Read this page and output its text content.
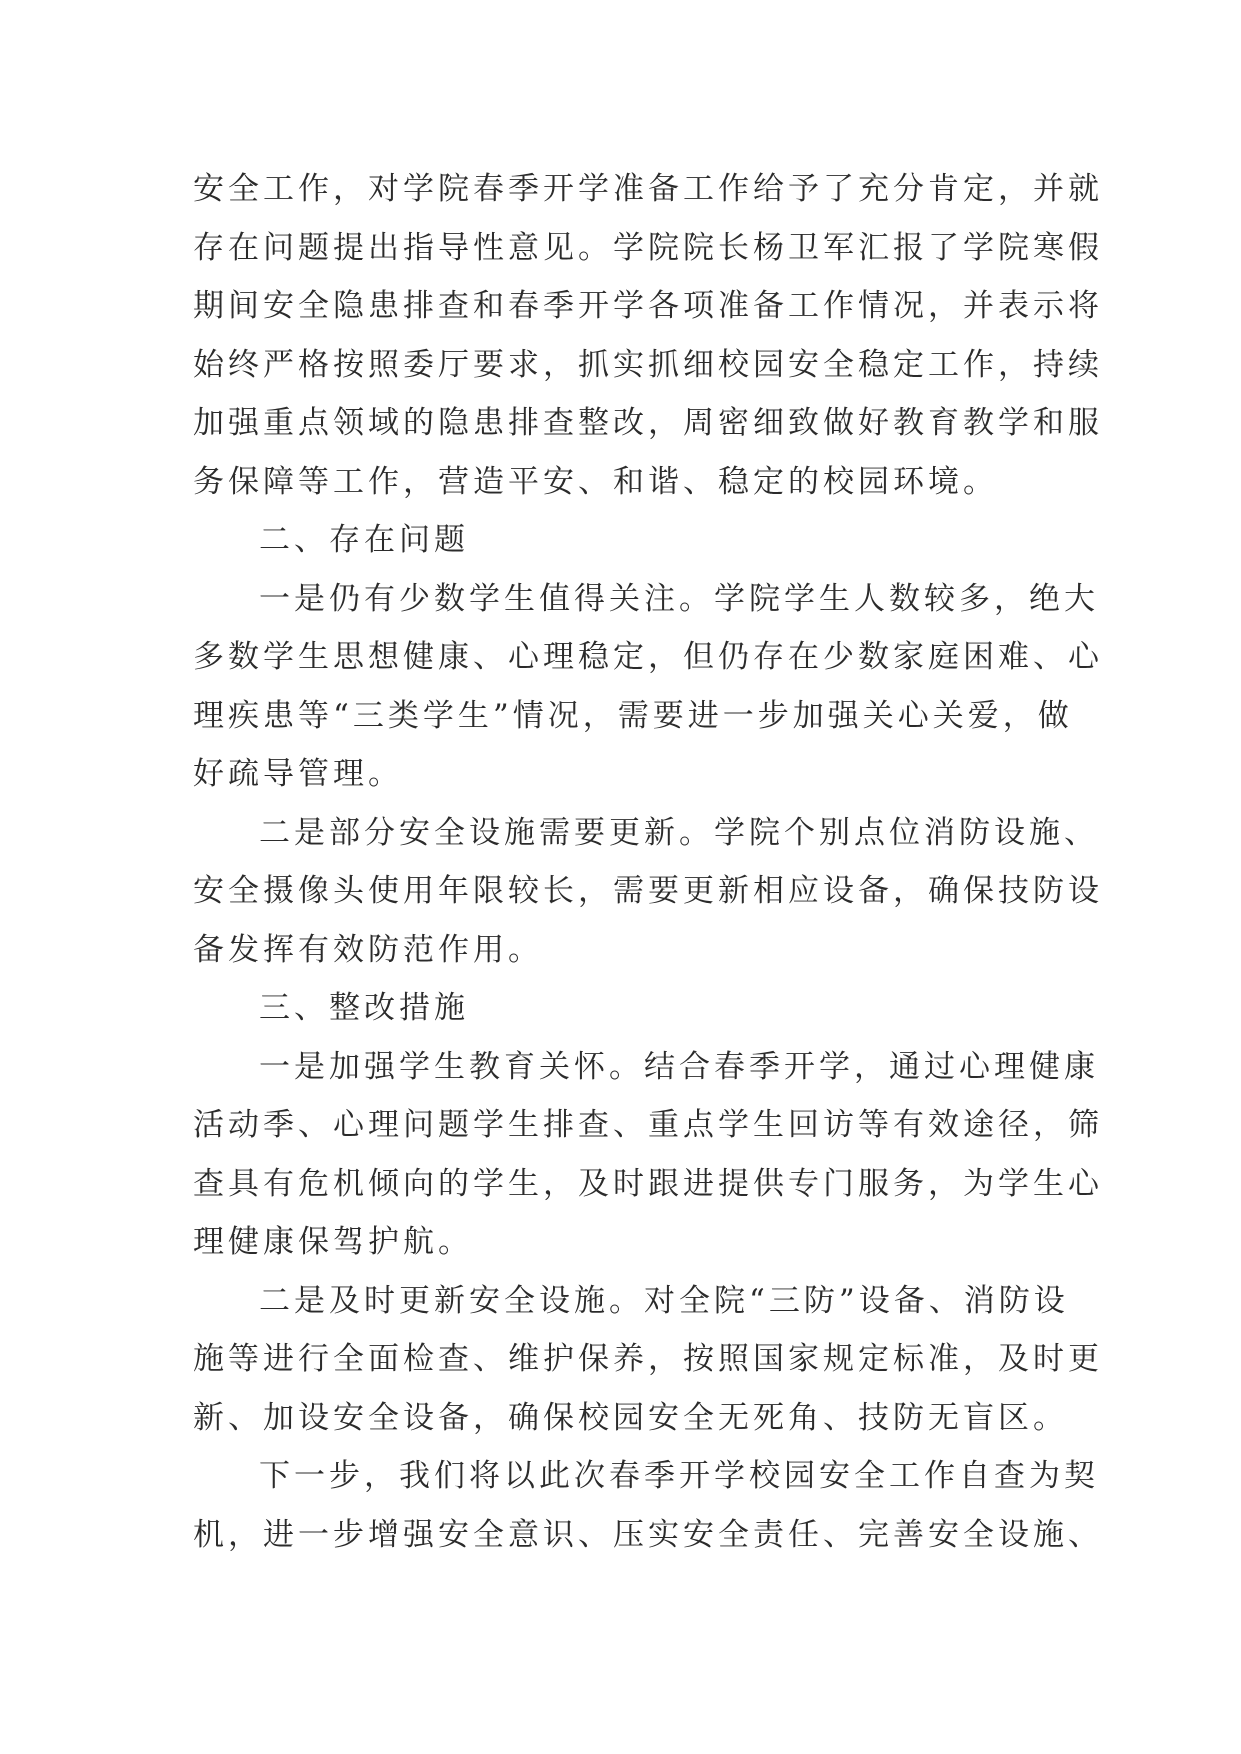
安全工作，对学院春季开学准备工作给予了充分肯定，并就
存在问题提出指导性意见。学院院长杨卫军汇报了学院寒假
期间安全隐患排查和春季开学各项准备工作情况，并表示将
始终严格按照委厅要求，抓实抓细校园安全稳定工作，持续
加强重点领域的隐患排查整改，周密细致做好教育教学和服
务保障等工作，营造平安、和谐、稳定的校园环境。
二、存在问题
一是仍有少数学生值得关注。学院学生人数较多，绝大
多数学生思想健康、心理稳定，但仍存在少数家庭困难、心
理疾患等“三类学生”情况，需要进一步加强关心关爱，做
好疏导管理。
二是部分安全设施需要更新。学院个别点位消防设施、
安全摄像头使用年限较长，需要更新相应设备，确保技防设
备发挥有效防范作用。
三、整改措施
一是加强学生教育关怀。结合春季开学，通过心理健康
活动季、心理问题学生排查、重点学生回访等有效途径，筛
查具有危机倾向的学生，及时跟进提供专门服务，为学生心
理健康保驾护航。
二是及时更新安全设施。对全院“三防”设备、消防设
施等进行全面检查、维护保养，按照国家规定标准，及时更
新、加设安全设备，确保校园安全无死角、技防无盲区。
下一步，我们将以此次春季开学校园安全工作自查为契
机，进一步增强安全意识、压实安全责任、完善安全设施、
